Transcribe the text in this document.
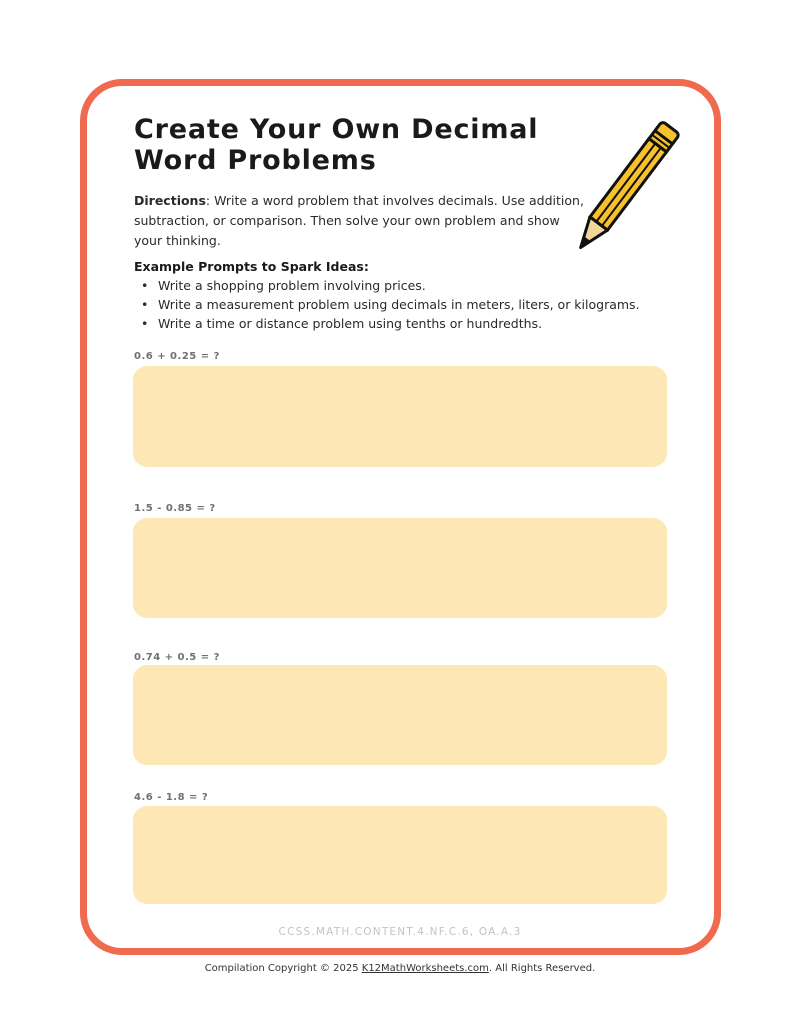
Create Your Own Decimal
Word Problems
Directions: Write a word problem that involves decimals. Use addition, subtraction, or comparison. Then solve your own problem and show your thinking.
Example Prompts to Spark Ideas:
• Write a shopping problem involving prices.
• Write a measurement problem using decimals in meters, liters, or kilograms.
• Write a time or distance problem using tenths or hundredths.
0.6 + 0.25 = ?
1.5 - 0.85 = ?
0.74 + 0.5 = ?
4.6 - 1.8 = ?
CCSS.MATH.CONTENT.4.NF.C.6, OA.A.3
Compilation Copyright © 2025 K12MathWorksheets.com. All Rights Reserved.
